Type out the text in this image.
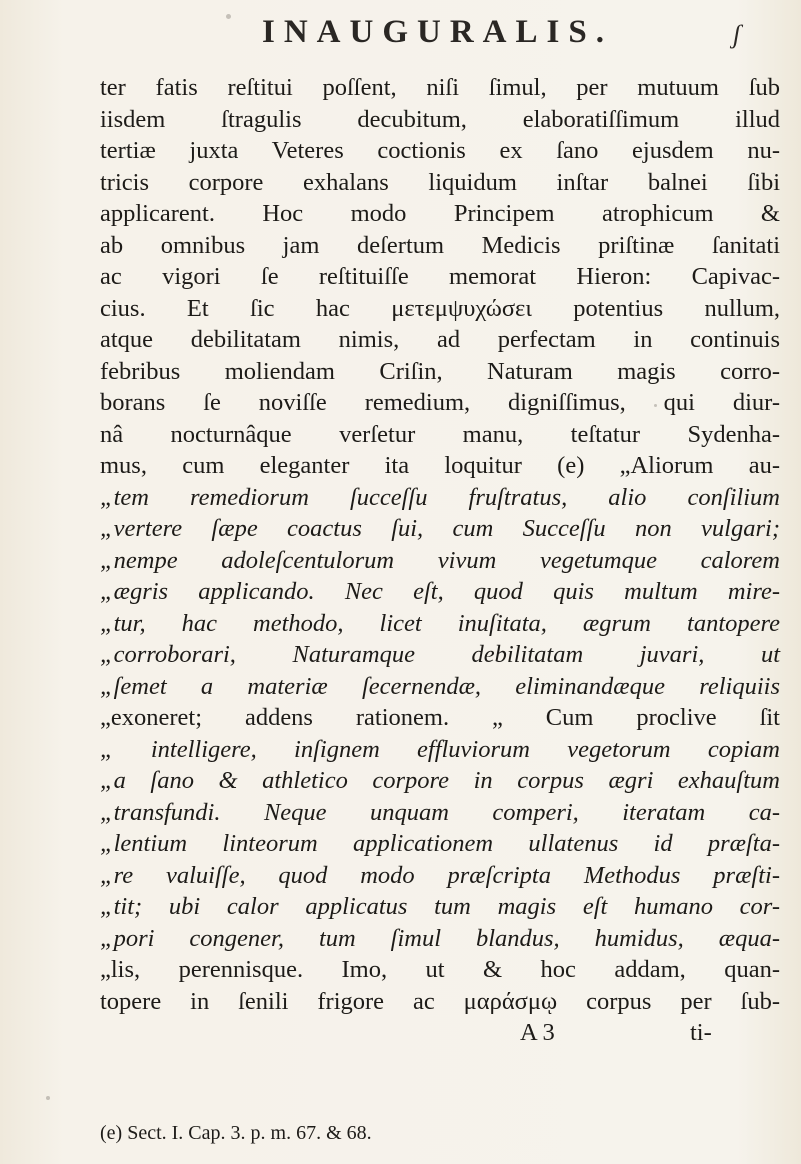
INAUGURALIS.	ʃ
ter fatis reſtitui poſſent, niſi ſimul, per mutuum ſub
iisdem ſtragulis decubitum, elaboratiſſimum illud
tertiæ juxta Veteres coctionis ex ſano ejusdem nu-
tricis corpore exhalans liquidum inſtar balnei ſibi
applicarent. Hoc modo Principem atrophicum &
ab omnibus jam deſertum Medicis priſtinæ ſanitati
ac vigori ſe reſtituiſſe memorat Hieron: Capivac-
cius. Et ſic hac μετεμψυχώσει potentius nullum,
atque debilitatam nimis, ad perfectam in continuis
febribus moliendam Criſin, Naturam magis corro-
borans ſe noviſſe remedium, digniſſimus, qui diur-
nâ nocturnâque verſetur manu, teſtatur Sydenha-
mus, cum eleganter ita loquitur (e) „Aliorum au-
„tem remediorum ſucceſſu fruſtratus, alio conſilium
„vertere ſæpe coactus ſui, cum Succeſſu non vulgari;
„nempe adoleſcentulorum vivum vegetumque calorem
„ægris applicando. Nec eſt, quod quis multum mire-
„tur, hac methodo, licet inuſitata, ægrum tantopere
„corroborari, Naturamque debilitatam juvari, ut
„ſemet a materiæ ſecernendæ, eliminandæque reliquiis
„exoneret; addens rationem. „ Cum proclive ſit
„ intelligere, inſignem effluviorum vegetorum copiam
„a ſano & athletico corpore in corpus ægri exhauſtum
„transfundi. Neque unquam comperi, iteratam ca-
„lentium linteorum applicationem ullatenus id præſta-
„re valuiſſe, quod modo præſcripta Methodus præſti-
„tit; ubi calor applicatus tum magis eſt humano cor-
„pori congener, tum ſimul blandus, humidus, æqua-
„lis, perennisque. Imo, ut & hoc addam, quan-
topere in ſenili frigore ac μαράσμῳ corpus per ſub-
A 3	ti-
(e) Sect. I. Cap. 3. p. m. 67. & 68.
